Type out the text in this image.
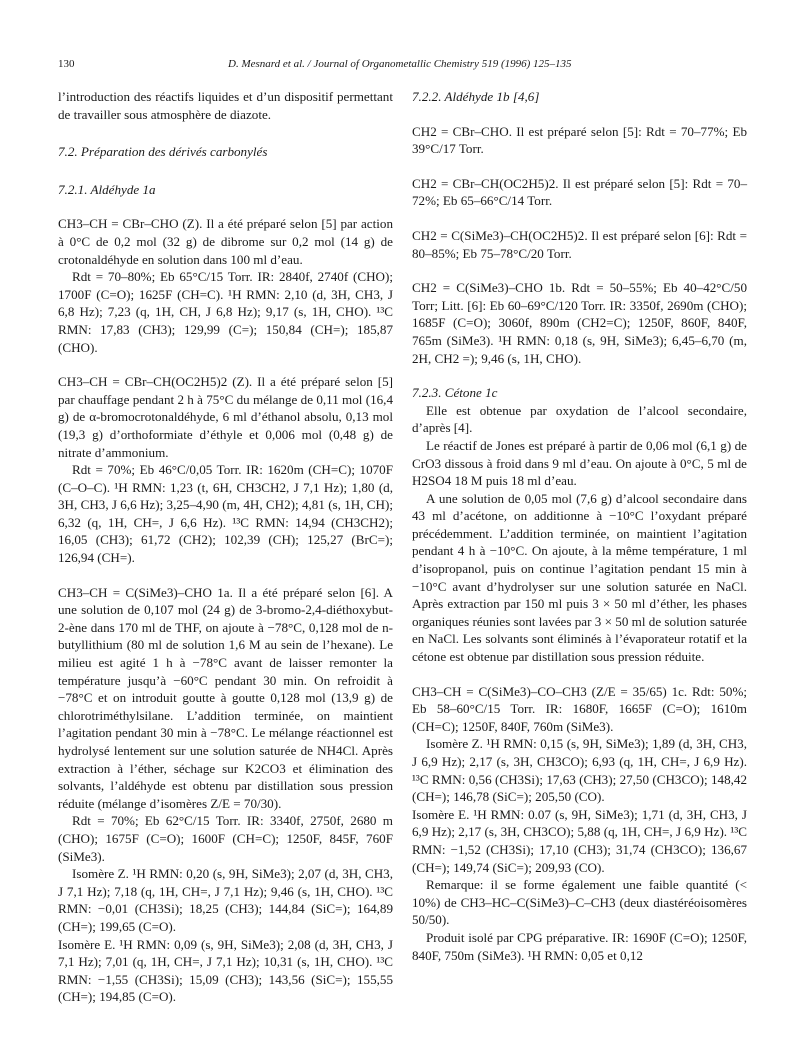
130	D. Mesnard et al. / Journal of Organometallic Chemistry 519 (1996) 125–135

l’introduction des réactifs liquides et d’un dispositif permettant de travailler sous atmosphère de diazote.

7.2. Préparation des dérivés carbonylés
7.2.1. Aldéhyde 1a

CH3–CH = CBr–CHO (Z). Il a été préparé selon [5] par action à 0°C de 0,2 mol (32 g) de dibrome sur 0,2 mol (14 g) de crotonaldéhyde en solution dans 100 ml d’eau.

Rdt = 70–80%; Eb 65°C/15 Torr. IR: 2840f, 2740f (CHO); 1700F (C=O); 1625F (CH=C). ¹H RMN: 2,10 (d, 3H, CH3, J 6,8 Hz); 7,23 (q, 1H, CH, J 6,8 Hz); 9,17 (s, 1H, CHO). ¹³C RMN: 17,83 (CH3); 129,99 (C=); 150,84 (CH=); 185,87 (CHO).

CH3–CH = CBr–CH(OC2H5)2 (Z). Il a été préparé selon [5] par chauffage pendant 2 h à 75°C du mélange de 0,11 mol (16,4 g) de α-bromocrotonaldéhyde, 6 ml d’éthanol absolu, 0,13 mol (19,3 g) d’orthoformiate d’éthyle et 0,006 mol (0,48 g) de nitrate d’ammonium.

Rdt = 70%; Eb 46°C/0,05 Torr. IR: 1620m (CH=C); 1070F (C–O–C). ¹H RMN: 1,23 (t, 6H, CH3CH2, J 7,1 Hz); 1,80 (d, 3H, CH3, J 6,6 Hz); 3,25–4,90 (m, 4H, CH2); 4,81 (s, 1H, CH); 6,32 (q, 1H, CH=, J 6,6 Hz). ¹³C RMN: 14,94 (CH3CH2); 16,05 (CH3); 61,72 (CH2); 102,39 (CH); 125,27 (BrC=); 126,94 (CH=).

CH3–CH = C(SiMe3)–CHO 1a. Il a été préparé selon [6]. A une solution de 0,107 mol (24 g) de 3-bromo-2,4-diéthoxybut-2-ène dans 170 ml de THF, on ajoute à −78°C, 0,128 mol de n-butyllithium (80 ml de solution 1,6 M au sein de l’hexane). Le milieu est agité 1 h à −78°C avant de laisser remonter la température jusqu’à −60°C pendant 30 min. On refroidit à −78°C et on introduit goutte à goutte 0,128 mol (13,9 g) de chlorotriméthylsilane. L’addition terminée, on maintient l’agitation pendant 30 min à −78°C. Le mélange réactionnel est hydrolysé lentement sur une solution saturée de NH4Cl. Après extraction à l’éther, séchage sur K2CO3 et élimination des solvants, l’aldéhyde est obtenu par distillation sous pression réduite (mélange d’isomères Z/E = 70/30).

Rdt = 70%; Eb 62°C/15 Torr. IR: 3340f, 2750f, 2680 m (CHO); 1675F (C=O); 1600F (CH=C); 1250F, 845F, 760F (SiMe3).

Isomère Z. ¹H RMN: 0,20 (s, 9H, SiMe3); 2,07 (d, 3H, CH3, J 7,1 Hz); 7,18 (q, 1H, CH=, J 7,1 Hz); 9,46 (s, 1H, CHO). ¹³C RMN: −0,01 (CH3Si); 18,25 (CH3); 144,84 (SiC=); 164,89 (CH=); 199,65 (C=O).

Isomère E. ¹H RMN: 0,09 (s, 9H, SiMe3); 2,08 (d, 3H, CH3, J 7,1 Hz); 7,01 (q, 1H, CH=, J 7,1 Hz); 10,31 (s, 1H, CHO). ¹³C RMN: −1,55 (CH3Si); 15,09 (CH3); 143,56 (SiC=); 155,55 (CH=); 194,85 (C=O).

7.2.2. Aldéhyde 1b [4,6]

CH2 = CBr–CHO. Il est préparé selon [5]: Rdt = 70–77%; Eb 39°C/17 Torr.

CH2 = CBr–CH(OC2H5)2. Il est préparé selon [5]: Rdt = 70–72%; Eb 65–66°C/14 Torr.

CH2 = C(SiMe3)–CH(OC2H5)2. Il est préparé selon [6]: Rdt = 80–85%; Eb 75–78°C/20 Torr.

CH2 = C(SiMe3)–CHO 1b. Rdt = 50–55%; Eb 40–42°C/50 Torr; Litt. [6]: Eb 60–69°C/120 Torr. IR: 3350f, 2690m (CHO); 1685F (C=O); 3060f, 890m (CH2=C); 1250F, 860F, 840F, 765m (SiMe3). ¹H RMN: 0,18 (s, 9H, SiMe3); 6,45–6,70 (m, 2H, CH2 =); 9,46 (s, 1H, CHO).

7.2.3. Cétone 1c

Elle est obtenue par oxydation de l’alcool secondaire, d’après [4].

Le réactif de Jones est préparé à partir de 0,06 mol (6,1 g) de CrO3 dissous à froid dans 9 ml d’eau. On ajoute à 0°C, 5 ml de H2SO4 18 M puis 18 ml d’eau.

A une solution de 0,05 mol (7,6 g) d’alcool secondaire dans 43 ml d’acétone, on additionne à −10°C l’oxydant préparé précédemment. L’addition terminée, on maintient l’agitation pendant 4 h à −10°C. On ajoute, à la même température, 1 ml d’isopropanol, puis on continue l’agitation pendant 15 min à −10°C avant d’hydrolyser sur une solution saturée en NaCl. Après extraction par 150 ml puis 3 × 50 ml d’éther, les phases organiques réunies sont lavées par 3 × 50 ml de solution saturée en NaCl. Les solvants sont éliminés à l’évaporateur rotatif et la cétone est obtenue par distillation sous pression réduite.

CH3–CH = C(SiMe3)–CO–CH3 (Z/E = 35/65) 1c. Rdt: 50%; Eb 58–60°C/15 Torr. IR: 1680F, 1665F (C=O); 1610m (CH=C); 1250F, 840F, 760m (SiMe3).

Isomère Z. ¹H RMN: 0,15 (s, 9H, SiMe3); 1,89 (d, 3H, CH3, J 6,9 Hz); 2,17 (s, 3H, CH3CO); 6,93 (q, 1H, CH=, J 6,9 Hz). ¹³C RMN: 0,56 (CH3Si); 17,63 (CH3); 27,50 (CH3CO); 148,42 (CH=); 146,78 (SiC=); 205,50 (CO).

Isomère E. ¹H RMN: 0.07 (s, 9H, SiMe3); 1,71 (d, 3H, CH3, J 6,9 Hz); 2,17 (s, 3H, CH3CO); 5,88 (q, 1H, CH=, J 6,9 Hz). ¹³C RMN: −1,52 (CH3Si); 17,10 (CH3); 31,74 (CH3CO); 136,67 (CH=); 149,74 (SiC=); 209,93 (CO).

Remarque: il se forme également une faible quantité (< 10%) de CH3–HC–C(SiMe3)–C–CH3 (deux diastéréoisomères 50/50).

Produit isolé par CPG préparative. IR: 1690F (C=O); 1250F, 840F, 750m (SiMe3). ¹H RMN: 0,05 et 0,12
